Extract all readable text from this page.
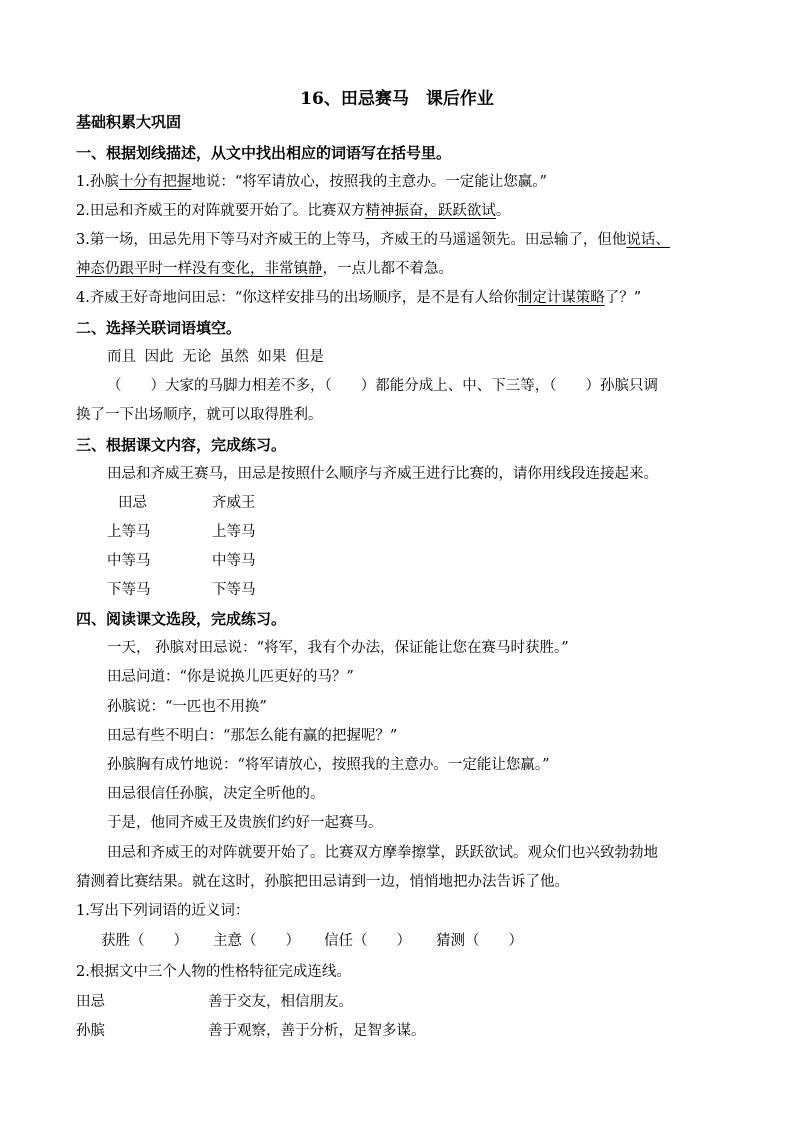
16、田忌赛马　课后作业
基础积累大巩固
一、根据划线描述，从文中找出相应的词语写在括号里。
1.孙膑十分有把握地说：“将军请放心，按照我的主意办。一定能让您赢。”
2.田忌和齐威王的对阵就要开始了。比赛双方精神振奋，跃跃欲试。
3.第一场，田忌先用下等马对齐威王的上等马，齐威王的马遥遥领先。田忌输了，但他说话、
神态仍跟平时一样没有变化，非常镇静，一点儿都不着急。
4.齐威王好奇地问田忌：“你这样安排马的出场顺序，是不是有人给你制定计谋策略了？”
二、选择关联词语填空。
而且 因此 无论 虽然 如果 但是
（　　）大家的马脚力相差不多，（　　）都能分成上、中、下三等，（　　）孙膑只调
换了一下出场顺序，就可以取得胜利。
三、根据课文内容，完成练习。
田忌和齐威王赛马，田忌是按照什么顺序与齐威王进行比赛的，请你用线段连接起来。
田忌	齐威王
上等马	上等马
中等马	中等马
下等马	下等马
四、阅读课文选段，完成练习。
一天， 孙膑对田忌说：“将军，我有个办法，保证能让您在赛马时获胜。”
田忌问道：“你是说换儿匹更好的马？”
孙膑说：“一匹也不用换”
田忌有些不明白：“那怎么能有赢的把握呢？”
孙膑胸有成竹地说：“将军请放心，按照我的主意办。一定能让您赢。”
田忌很信任孙膑，决定全听他的。
于是，他同齐威王及贵族们约好一起赛马。
田忌和齐威王的对阵就要开始了。比赛双方摩拳擦掌，跃跃欲试。观众们也兴致勃勃地
猜测着比赛结果。就在这时，孙膑把田忌请到一边，悄悄地把办法告诉了他。
1.写出下列词语的近义词：
获胜（　　） 主意（　　） 信任（　　） 猜测（　　）
2.根据文中三个人物的性格特征完成连线。
田忌	善于交友，相信朋友。
孙膑	善于观察，善于分析，足智多谋。
